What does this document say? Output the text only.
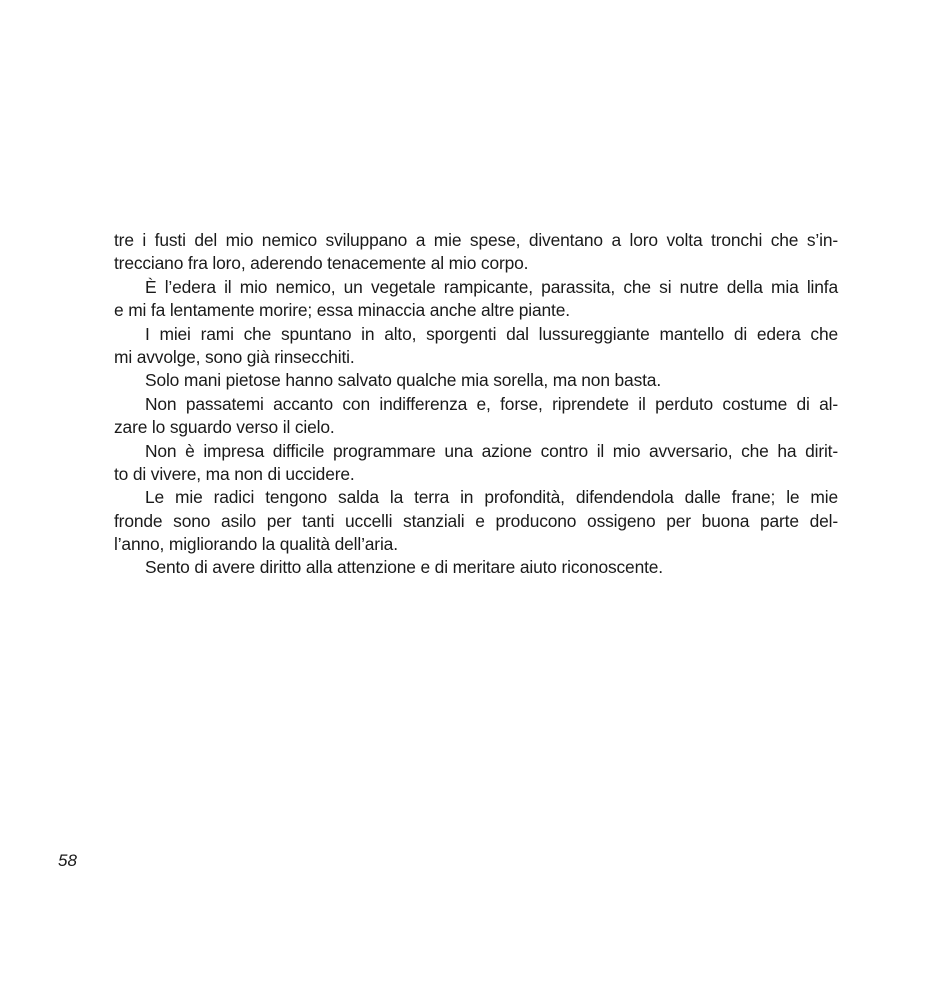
tre i fusti del mio nemico sviluppano a mie spese, diventano a loro volta tronchi che s’in-
trecciano fra loro, aderendo tenacemente al mio corpo.
È l’edera il mio nemico, un vegetale rampicante, parassita, che si nutre della mia linfa
e mi fa lentamente morire; essa minaccia anche altre piante.
I miei rami che spuntano in alto, sporgenti dal lussureggiante mantello di edera che
mi avvolge, sono già rinsecchiti.
Solo mani pietose hanno salvato qualche mia sorella, ma non basta.
Non passatemi accanto con indifferenza e, forse, riprendete il perduto costume di al-
zare lo sguardo verso il cielo.
Non è impresa difficile programmare una azione contro il mio avversario, che ha dirit-
to di vivere, ma non di uccidere.
Le mie radici tengono salda la terra in profondità, difendendola dalle frane; le mie
fronde sono asilo per tanti uccelli stanziali e producono ossigeno per buona parte del-
l’anno, migliorando la qualità dell’aria.
Sento di avere diritto alla attenzione e di meritare aiuto riconoscente.
58
